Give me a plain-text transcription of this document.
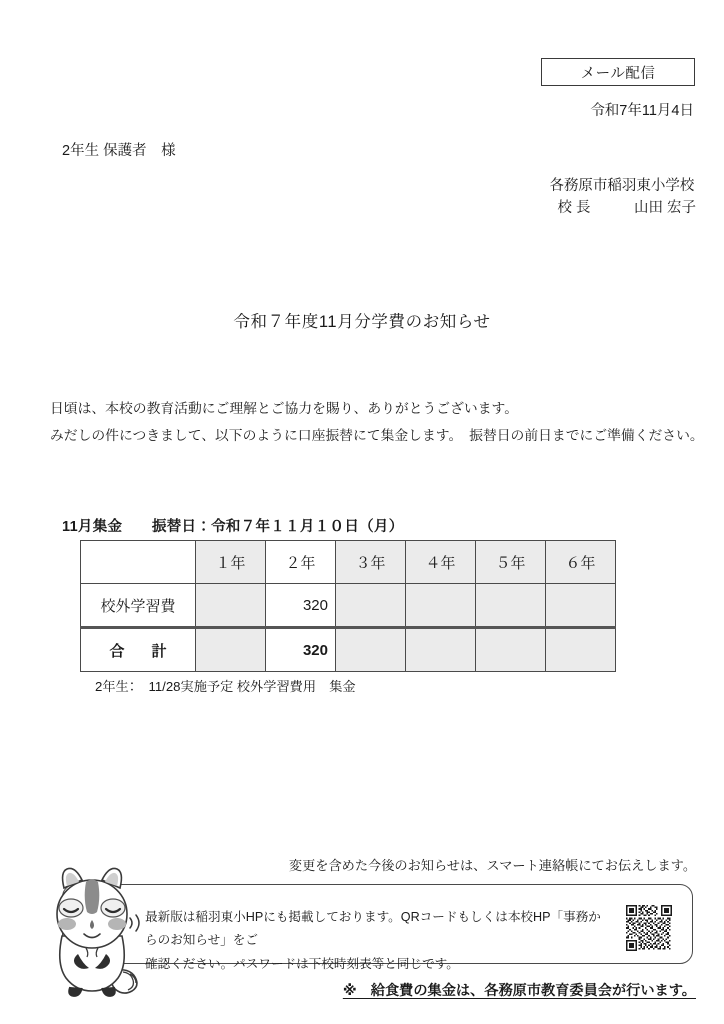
メール配信
令和7年11月4日
2年生 保護者　様
各務原市稲羽東小学校
校 長　　　山田 宏子
令和７年度11月分学費のお知らせ

日頃は、本校の教育活動にご理解とご協力を賜り、ありがとうございます。

みだしの件につきまして、以下のように口座振替にて集金します。　振替日の前日までにご準備ください。

11月集金　　振替日：令和７年１１月１０日（月）
	１年	２年	３年	４年	５年	６年
校外学習費		320				
合　計		320				
2年生：　11/28実施予定 校外学習費用　集金
変更を含めた今後のお知らせは、スマート連絡帳にてお伝えします。

最新版は稲羽東小HPにも掲載しております。QRコードもしくは本校HP「事務からのお知らせ」をご

確認ください。パスワードは下校時刻表等と同じです。

※　給食費の集金は、各務原市教育委員会が行います。
